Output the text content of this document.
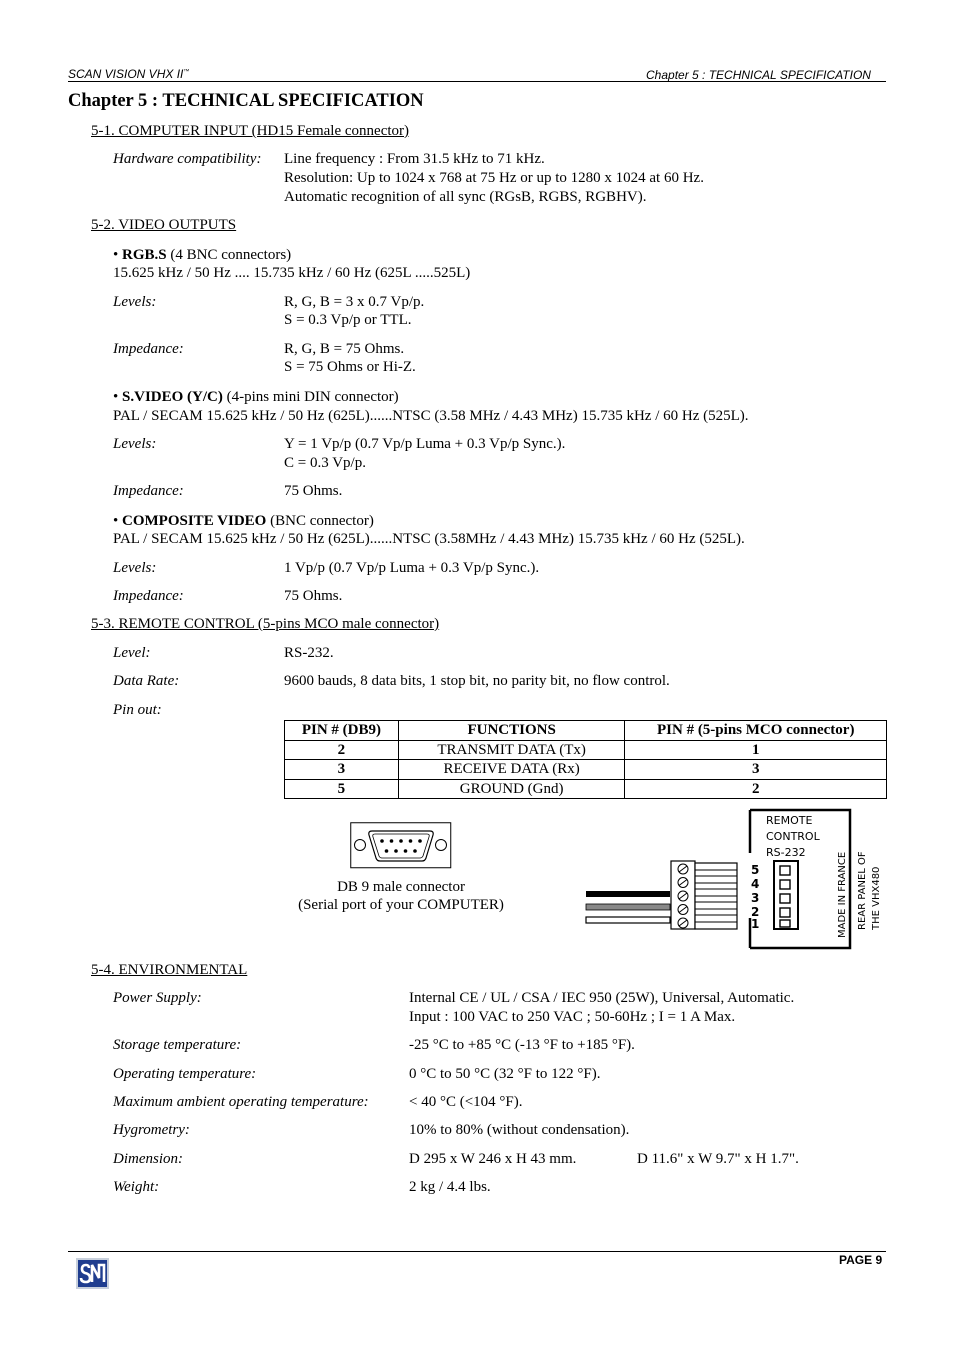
SCAN VISION VHX II™	Chapter 5 : TECHNICAL SPECIFICATION
Chapter 5 : TECHNICAL SPECIFICATION
5-1. COMPUTER INPUT (HD15 Female connector)
Hardware compatibility: Line frequency : From 31.5 kHz to 71 kHz.
Resolution: Up to 1024 x 768 at 75 Hz or up to 1280 x 1024 at 60 Hz.
Automatic recognition of all sync (RGsB, RGBS, RGBHV).
5-2. VIDEO OUTPUTS
• RGB.S (4 BNC connectors)
15.625 kHz / 50 Hz .... 15.735 kHz / 60 Hz (625L .....525L)
Levels:	R, G, B = 3 x 0.7 Vp/p.
S = 0.3 Vp/p or TTL.
Impedance:	R, G, B = 75 Ohms.
S = 75 Ohms or Hi-Z.
• S.VIDEO (Y/C) (4-pins mini DIN connector)
PAL / SECAM 15.625 kHz / 50 Hz (625L)......NTSC (3.58 MHz / 4.43 MHz) 15.735 kHz / 60 Hz (525L).
Levels:	Y = 1 Vp/p (0.7 Vp/p Luma + 0.3 Vp/p Sync.).
C = 0.3 Vp/p.
Impedance:	75 Ohms.
• COMPOSITE VIDEO (BNC connector)
PAL / SECAM 15.625 kHz / 50 Hz (625L)......NTSC (3.58MHz / 4.43 MHz) 15.735 kHz / 60 Hz (525L).
Levels:	1 Vp/p (0.7 Vp/p Luma + 0.3 Vp/p Sync.).
Impedance:	75 Ohms.
5-3. REMOTE CONTROL (5-pins MCO male connector)
Level:	RS-232.
Data Rate:	9600 bauds, 8 data bits, 1 stop bit, no parity bit, no flow control.
Pin out:
PIN # (DB9)	FUNCTIONS	PIN # (5-pins MCO connector)
2	TRANSMIT DATA (Tx)	1
3	RECEIVE DATA (Rx)	3
5	GROUND (Gnd)	2
DB 9 male connector
(Serial port of your COMPUTER)
REMOTE
CONTROL
RS-232
5
4
3
2
1	MADE IN FRANCE REAR PANEL OF THE VHX480
5-4. ENVIRONMENTAL
Power Supply:	Internal CE / UL / CSA / IEC 950 (25W), Universal, Automatic.
Input : 100 VAC to 250 VAC ; 50-60Hz ; I = 1 A Max.
Storage temperature:	-25 °C to +85 °C (-13 °F to +185 °F).
Operating temperature:	0 °C to 50 °C (32 °F to 122 °F).
Maximum ambient operating temperature:	< 40 °C (<104 °F).
Hygrometry:	10% to 80% (without condensation).
Dimension:	D 295 x W 246 x H 43 mm.	D 11.6" x W 9.7" x H 1.7".
Weight:	2 kg / 4.4 lbs.
PAGE 9
